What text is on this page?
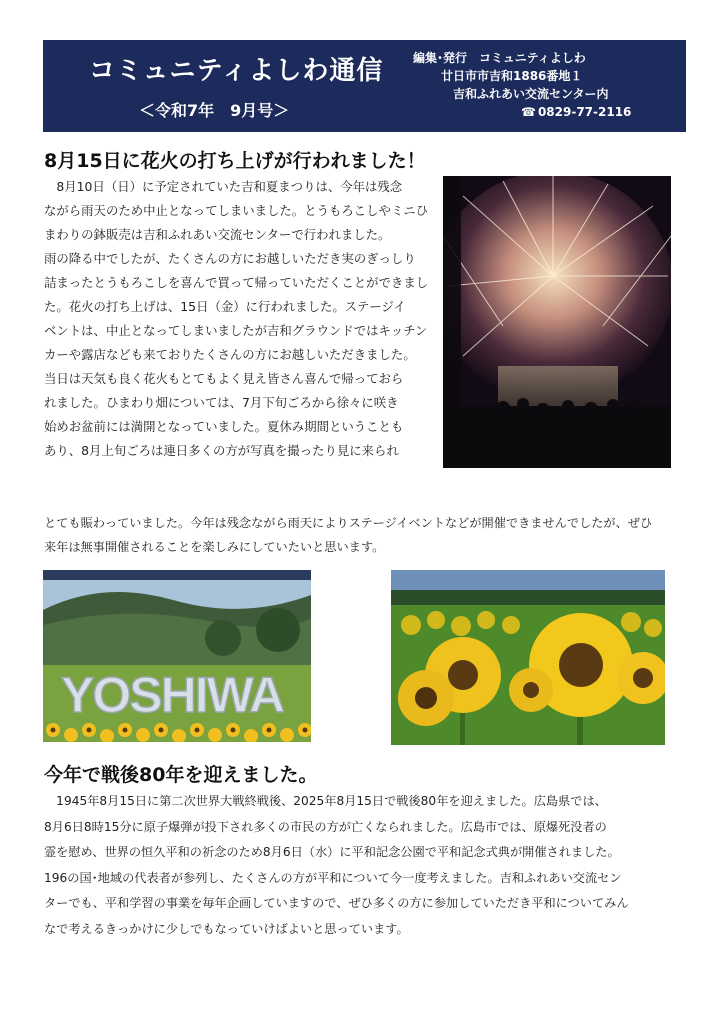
コミュニティよしわ通信
＜令和7年　9月号＞
編集･発行　コミュニティよしわ
廿日市市吉和1886番地１
吉和ふれあい交流センター内
☎ 0829-77-2116
8月15日に花火の打ち上げが行われました！
　8月10日（日）に予定されていた吉和夏まつりは、今年は残念
ながら雨天のため中止となってしまいました。とうもろこしやミニひ
まわりの鉢販売は吉和ふれあい交流センターで行われました。
雨の降る中でしたが、たくさんの方にお越しいただき実のぎっしり
詰まったとうもろこしを喜んで買って帰っていただくことができまし
た。花火の打ち上げは、15日（金）に行われました。ステージイ
ベントは、中止となってしまいましたが吉和グラウンドではキッチン
カーや露店なども来ておりたくさんの方にお越しいただきました。
当日は天気も良く花火もとてもよく見え皆さん喜んで帰っておら
れました。ひまわり畑については、7月下旬ごろから徐々に咲き
始めお盆前には満開となっていました。夏休み期間ということも
あり、8月上旬ごろは連日多くの方が写真を撮ったり見に来られ
とても賑わっていました。今年は残念ながら雨天によりステージイベントなどが開催できませんでしたが、ぜひ
来年は無事開催されることを楽しみにしていたいと思います。
YOSHIWA
今年で戦後80年を迎えました。
　1945年8月15日に第二次世界大戦終戦後、2025年8月15日で戦後80年を迎えました。広島県では、
8月6日8時15分に原子爆弾が投下され多くの市民の方が亡くなられました。広島市では、原爆死没者の
霊を慰め、世界の恒久平和の祈念のため8月6日（水）に平和記念公園で平和記念式典が開催されました。
196の国･地域の代表者が参列し、たくさんの方が平和について今一度考えました。吉和ふれあい交流セン
ターでも、平和学習の事業を毎年企画していますので、ぜひ多くの方に参加していただき平和についてみん
なで考えるきっかけに少しでもなっていけばよいと思っています。
